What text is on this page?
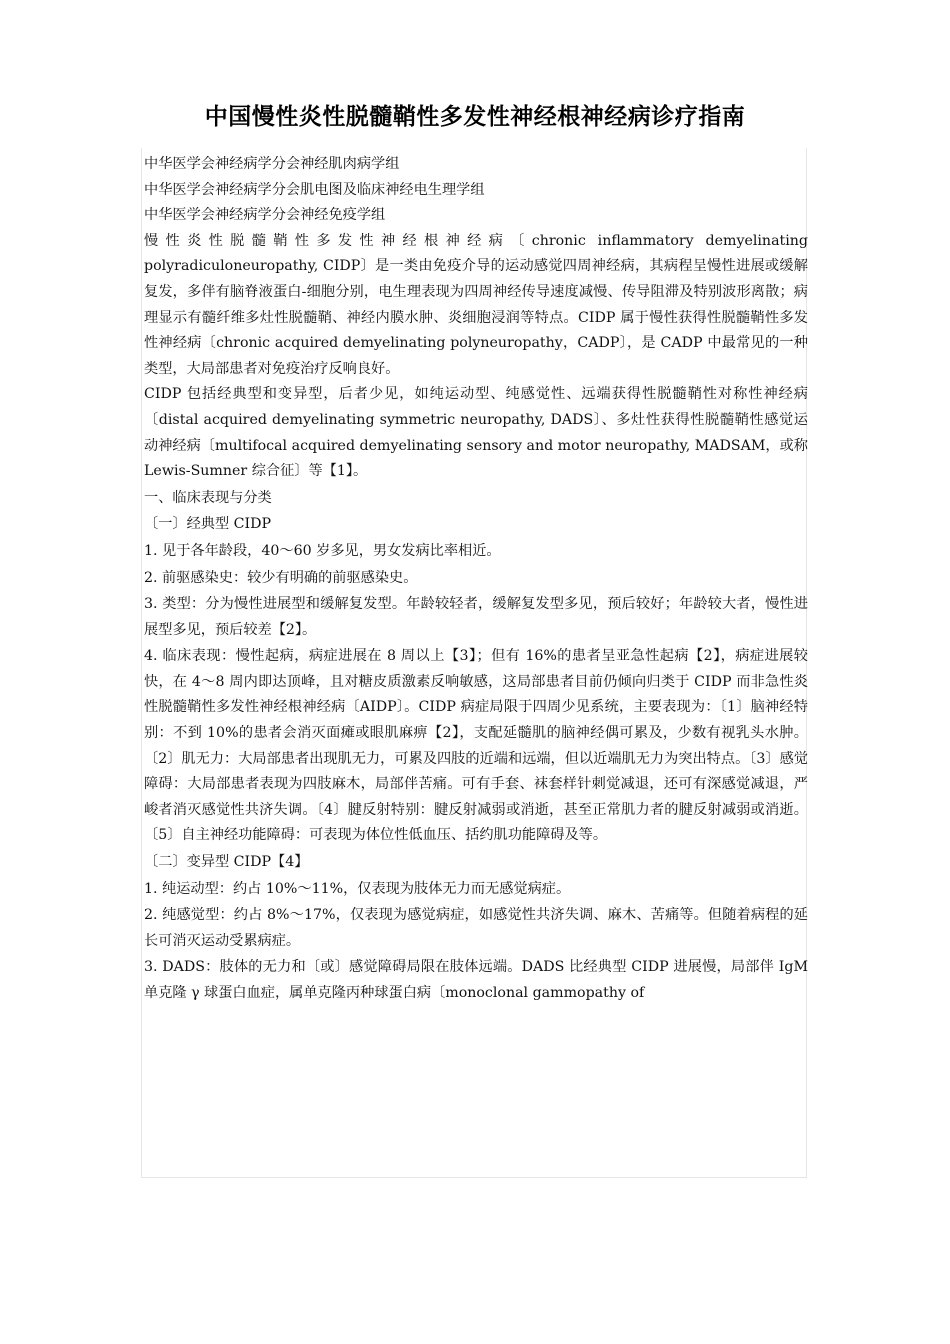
中国慢性炎性脱髓鞘性多发性神经根神经病诊疗指南

中华医学会神经病学分会神经肌肉病学组

中华医学会神经病学分会肌电图及临床神经电生理学组

中华医学会神经病学分会神经免疫学组

慢性炎性脱髓鞘性多发性神经根神经病〔chronic inflammatory demyelinating polyradiculoneuropathy, CIDP〕是一类由免疫介导的运动感觉四周神经病，其病程呈慢性进展或缓解复发，多伴有脑脊液蛋白-细胞分别，电生理表现为四周神经传导速度减慢、传导阻滞及特别波形离散；病理显示有髓纤维多灶性脱髓鞘、神经内膜水肿、炎细胞浸润等特点。CIDP 属于慢性获得性脱髓鞘性多发性神经病〔chronic acquired demyelinating polyneuropathy，CADP〕，是 CADP 中最常见的一种类型，大局部患者对免疫治疗反响良好。

CIDP 包括经典型和变异型，后者少见，如纯运动型、纯感觉性、远端获得性脱髓鞘性对称性神经病〔distal acquired demyelinating symmetric neuropathy, DADS〕、多灶性获得性脱髓鞘性感觉运动神经病〔multifocal acquired demyelinating sensory and motor neuropathy, MADSAM，或称 Lewis-Sumner 综合征〕等【1】。

一、临床表现与分类

〔一〕经典型 CIDP

1. 见于各年龄段，40～60 岁多见，男女发病比率相近。

2. 前驱感染史：较少有明确的前驱感染史。

3. 类型：分为慢性进展型和缓解复发型。年龄较轻者，缓解复发型多见，预后较好；年龄较大者，慢性进展型多见，预后较差【2】。

4. 临床表现：慢性起病，病症进展在 8 周以上【3】；但有 16%的患者呈亚急性起病【2】，病症进展较快，在 4～8 周内即达顶峰，且对糖皮质激素反响敏感，这局部患者目前仍倾向归类于 CIDP 而非急性炎性脱髓鞘性多发性神经根神经病〔AIDP〕。CIDP 病症局限于四周少见系统，主要表现为：〔1〕脑神经特别：不到 10%的患者会消灭面瘫或眼肌麻痹【2】，支配延髓肌的脑神经偶可累及，少数有视乳头水肿。〔2〕肌无力：大局部患者出现肌无力，可累及四肢的近端和远端，但以近端肌无力为突出特点。〔3〕感觉障碍：大局部患者表现为四肢麻木，局部伴苦痛。可有手套、袜套样针刺觉减退，还可有深感觉减退，严峻者消灭感觉性共济失调。〔4〕腱反射特别：腱反射减弱或消逝，甚至正常肌力者的腱反射减弱或消逝。〔5〕自主神经功能障碍：可表现为体位性低血压、括约肌功能障碍及等。

〔二〕变异型 CIDP【4】

1. 纯运动型：约占 10%～11%，仅表现为肢体无力而无感觉病症。

2. 纯感觉型：约占 8%～17%，仅表现为感觉病症，如感觉性共济失调、麻木、苦痛等。但随着病程的延长可消灭运动受累病症。

3. DADS：肢体的无力和〔或〕感觉障碍局限在肢体远端。DADS 比经典型 CIDP 进展慢，局部伴 IgM 单克隆 γ 球蛋白血症，属单克隆丙种球蛋白病〔monoclonal gammopathy of
